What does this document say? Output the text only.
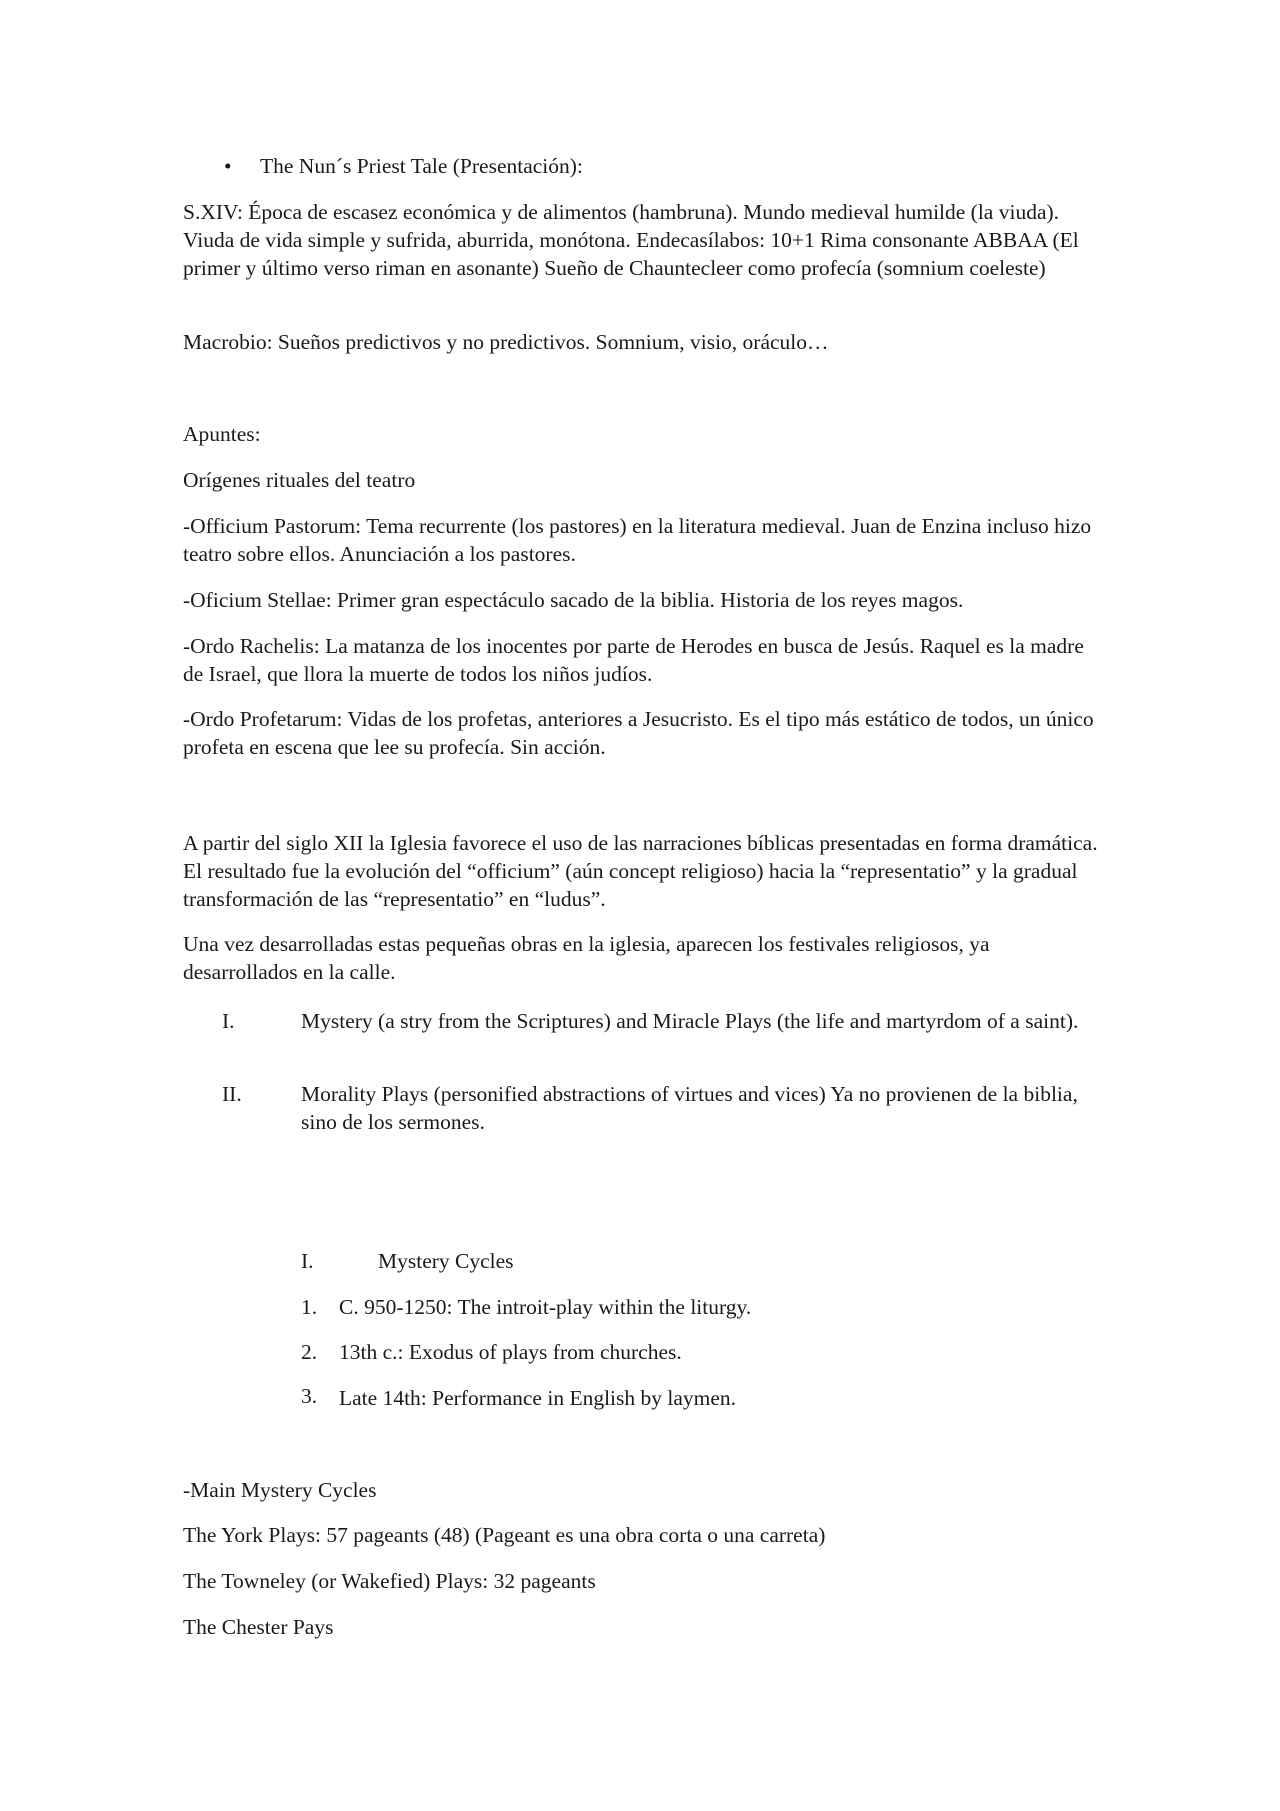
• The Nun´s Priest Tale (Presentación):

S.XIV: Época de escasez económica y de alimentos (hambruna). Mundo medieval humilde (la viuda). Viuda de vida simple y sufrida, aburrida, monótona. Endecasílabos: 10+1 Rima consonante ABBAA (El primer y último verso riman en asonante) Sueño de Chauntecleer como profecía (somnium coeleste)

Macrobio: Sueños predictivos y no predictivos. Somnium, visio, oráculo…

Apuntes:

Orígenes rituales del teatro

-Officium Pastorum: Tema recurrente (los pastores) en la literatura medieval. Juan de Enzina incluso hizo teatro sobre ellos. Anunciación a los pastores.

-Oficium Stellae: Primer gran espectáculo sacado de la biblia. Historia de los reyes magos.

-Ordo Rachelis: La matanza de los inocentes por parte de Herodes en busca de Jesús. Raquel es la madre de Israel, que llora la muerte de todos los niños judíos.

-Ordo Profetarum: Vidas de los profetas, anteriores a Jesucristo. Es el tipo más estático de todos, un único profeta en escena que lee su profecía. Sin acción.

A partir del siglo XII la Iglesia favorece el uso de las narraciones bíblicas presentadas en forma dramática. El resultado fue la evolución del “officium” (aún concept religioso) hacia la “representatio” y la gradual transformación de las “representatio” en “ludus”.

Una vez desarrolladas estas pequeñas obras en la iglesia, aparecen los festivales religiosos, ya desarrollados en la calle.

I.	Mystery (a stry from the Scriptures) and Miracle Plays (the life and martyrdom of a saint).
II.	Morality Plays (personified abstractions of virtues and vices) Ya no provienen de la biblia, sino de los sermones.
I.	Mystery Cycles
1. C. 950-1250: The introit-play within the liturgy.
2. 13th c.: Exodus of plays from churches.
3. Late 14th: Performance in English by laymen.

-Main Mystery Cycles

The York Plays: 57 pageants (48) (Pageant es una obra corta o una carreta)

The Towneley (or Wakefied) Plays: 32 pageants

The Chester Pays
